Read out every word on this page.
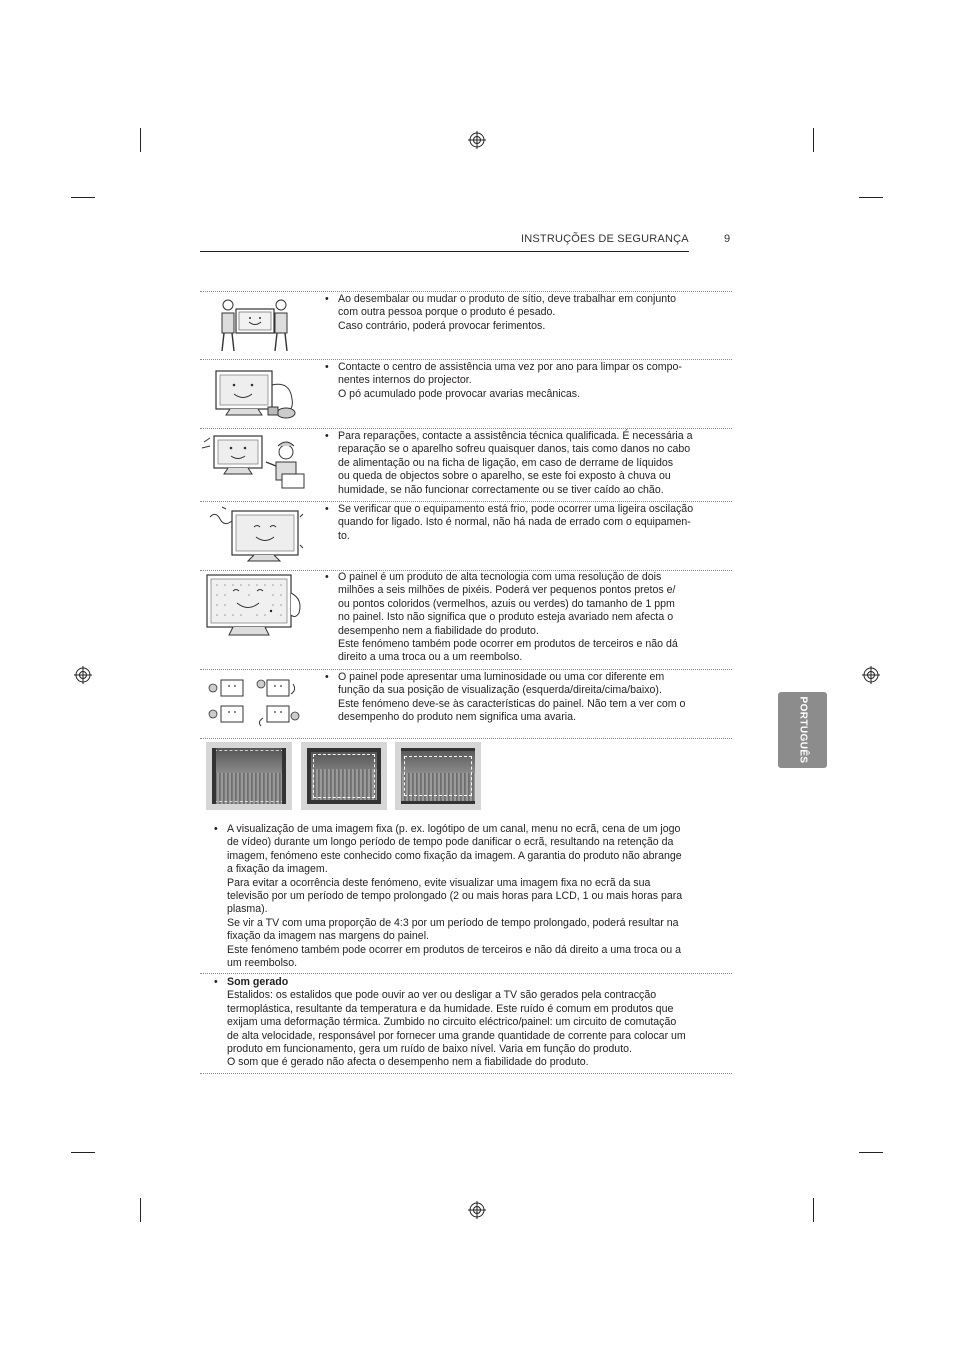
INSTRUÇÕES DE SEGURANÇA	9
PORTUGUÊS
• Ao desembalar ou mudar o produto de sítio, deve trabalhar em conjunto

com outra pessoa porque o produto é pesado.

Caso contrário, poderá provocar ferimentos.

• Contacte o centro de assistência uma vez por ano para limpar os compo-

nentes internos do projector.

O pó acumulado pode provocar avarias mecânicas.

• Para reparações, contacte a assistência técnica qualificada. É necessária a

reparação se o aparelho sofreu quaisquer danos, tais como danos no cabo

de alimentação ou na ficha de ligação, em caso de derrame de líquidos

ou queda de objectos sobre o aparelho, se este foi exposto à chuva ou

humidade, se não funcionar correctamente ou se tiver caído ao chão.

• Se verificar que o equipamento está frio, pode ocorrer uma ligeira oscilação

quando for ligado. Isto é normal, não há nada de errado com o equipamen-

to.

• O painel é um produto de alta tecnologia com uma resolução de dois

milhões a seis milhões de pixéis. Poderá ver pequenos pontos pretos e/

ou pontos coloridos (vermelhos, azuis ou verdes) do tamanho de 1 ppm

no painel. Isto não significa que o produto esteja avariado nem afecta o

desempenho nem a fiabilidade do produto.

Este fenómeno também pode ocorrer em produtos de terceiros e não dá

direito a uma troca ou a um reembolso.

• O painel pode apresentar uma luminosidade ou uma cor diferente em

função da sua posição de visualização (esquerda/direita/cima/baixo).

Este fenómeno deve-se às características do painel. Não tem a ver com o

desempenho do produto nem significa uma avaria.

• A visualização de uma imagem fixa (p. ex. logótipo de um canal, menu no ecrã, cena de um jogo

de vídeo) durante um longo período de tempo pode danificar o ecrã, resultando na retenção da

imagem, fenómeno este conhecido como fixação da imagem. A garantia do produto não abrange

a fixação da imagem.

Para evitar a ocorrência deste fenómeno, evite visualizar uma imagem fixa no ecrã da sua

televisão por um período de tempo prolongado (2 ou mais horas para LCD, 1 ou mais horas para

plasma).

Se vir a TV com uma proporção de 4:3 por um período de tempo prolongado, poderá resultar na

fixação da imagem nas margens do painel.

Este fenómeno também pode ocorrer em produtos de terceiros e não dá direito a uma troca ou a

um reembolso.

• Som gerado

Estalidos: os estalidos que pode ouvir ao ver ou desligar a TV são gerados pela contracção

termoplástica, resultante da temperatura e da humidade. Este ruído é comum em produtos que

exijam uma deformação térmica. Zumbido no circuito eléctrico/painel: um circuito de comutação

de alta velocidade, responsável por fornecer uma grande quantidade de corrente para colocar um

produto em funcionamento, gera um ruído de baixo nível. Varia em função do produto.

O som que é gerado não afecta o desempenho nem a fiabilidade do produto.
